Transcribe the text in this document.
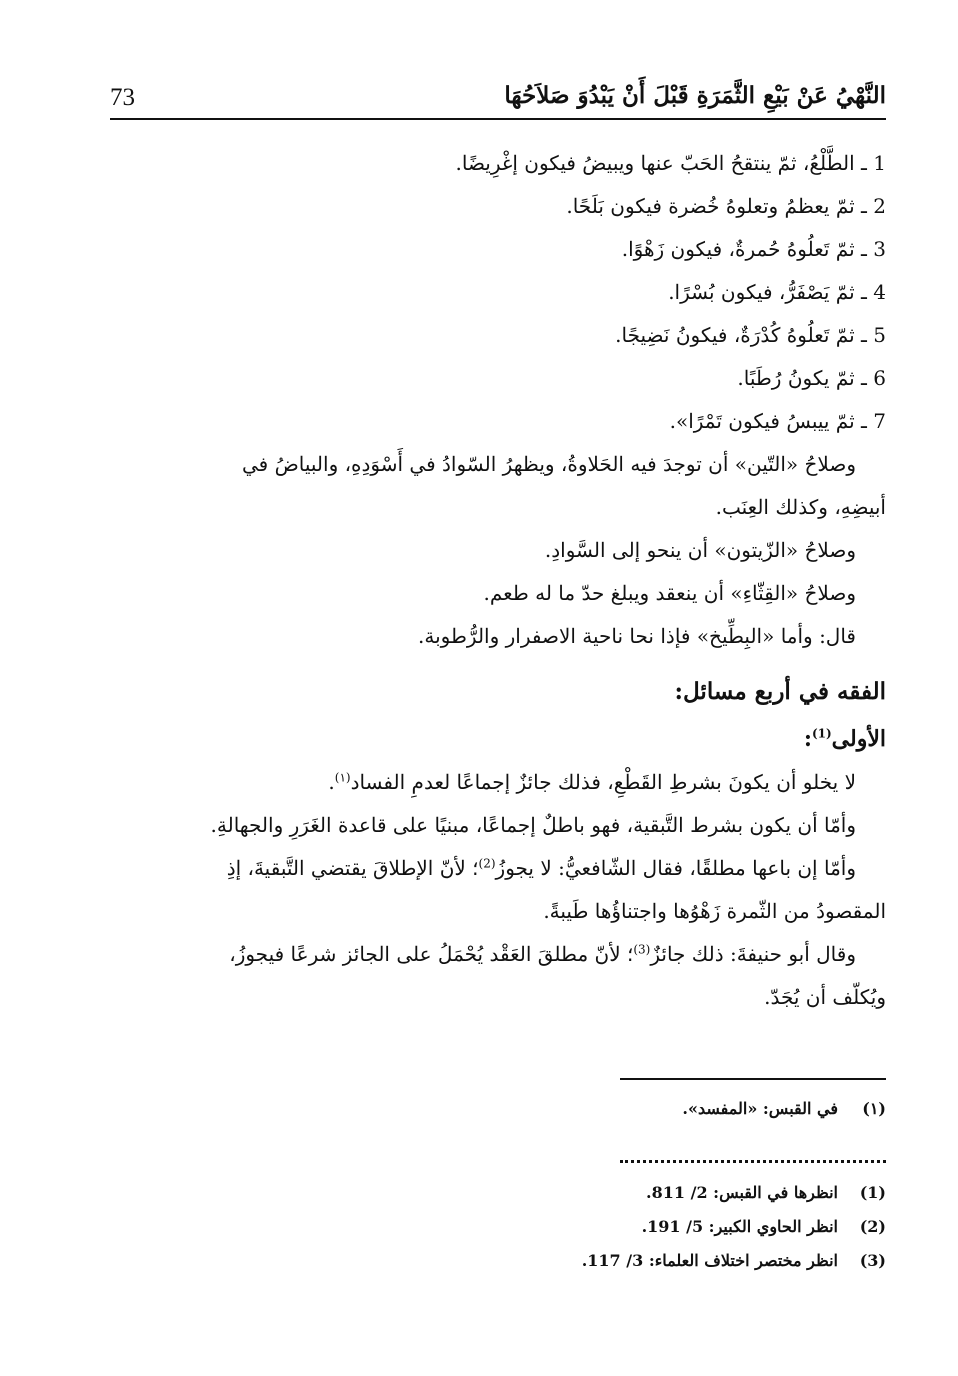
النَّهْيُ عَنْ بَيْعِ الثَّمَرَةِ قَبْلَ أَنْ يَبْدُوَ صَلاَحُهَا
73
1 ـ الطَّلْعُ، ثمّ ينتقحُ الحَبّ عنها ويبيضُ فيكون إغْرِيضًا.
2 ـ ثمّ يعظمُ وتعلوهُ خُضرة فيكون بَلَحًا.
3 ـ ثمّ تَعلُوهُ حُمرةٌ، فيكون زَهْوًا.
4 ـ ثمّ يَصْفَرُّ، فيكون بُسْرًا.
5 ـ ثمّ تَعلُوهُ كُدْرَةٌ، فيكونُ نَضِيجًا.
6 ـ ثمّ يكونُ رُطَبًا.
7 ـ ثمّ ييبسُ فيكون تَمْرًا».
وصلاحُ «التّين» أن توجدَ فيه الحَلاوةُ، ويظهرُ السّوادُ في أَسْوَدِهِ، والبياضُ في
أبيضِهِ، وكذلك العِنَب.
وصلاحُ «الزّيتون» أن ينحو إلى السَّوادِ.
وصلاحُ «القِثّاءِ» أن ينعقد ويبلغ حدّ ما له طعم.
قال: وأما «البِطِّيخ» فإذا نحا ناحية الاصفرار والرُّطوبة.
الفقه في أربع مسائل:
الأولى$^{(1)}$:
لا يخلو أن يكونَ بشرطِ القَطْعِ، فذلك جائزٌ إجماعًا لعدمِ الفساد$^{(١)}$.
وأمّا أن يكون بشرط التَّبقية، فهو باطلٌ إجماعًا، مبنيًا على قاعدة الغَرَرِ والجهالةِ.
وأمّا إن باعها مطلقًا، فقال الشّافعيُّ: لا يجوزُ$^{(2)}$؛ لأنّ الإطلاقَ يقتضي التَّبقيةَ، إذِ
المقصودُ من الثّمرة زَهْوُها واجتناؤُها طَيبةً.
وقال أبو حنيفةَ: ذلك جائزٌ$^{(3)}$؛ لأنّ مطلقَ العَقْد يُحْمَلُ على الجائز شرعًا فيجوزُ،
ويُكلّف أن يُجَدّ.
(١)في القبس: «المفسد».
(1)انظرها في القبس: 2/ 811.
(2)انظر الحاوي الكبير: 5/ 191.
(3)انظر مختصر اختلاف العلماء: 3/ 117.
